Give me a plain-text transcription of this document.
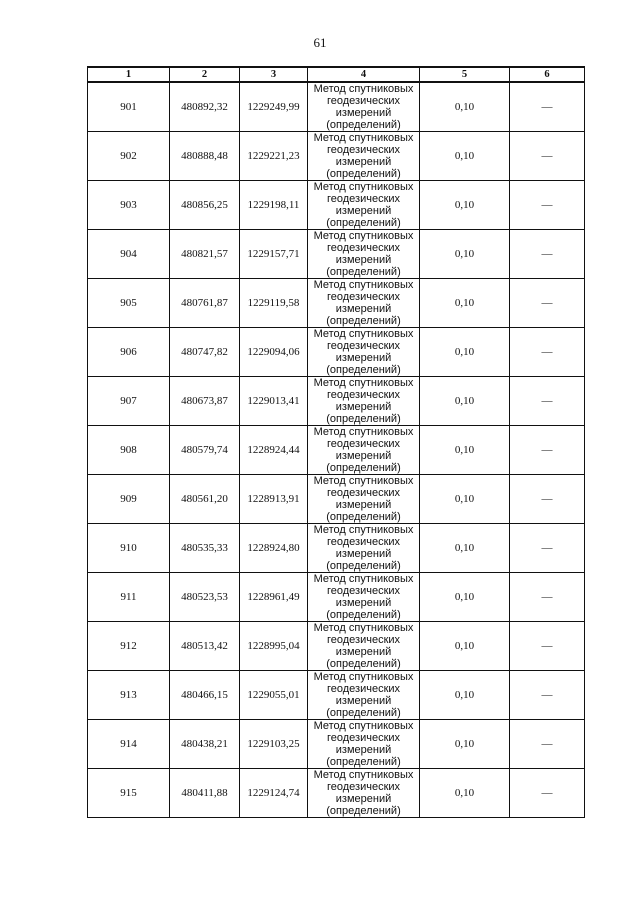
61
1	2	3	4	5	6
901	480892,32	1229249,99	Метод спутниковых
геодезических
измерений
(определений)	0,10	—
902	480888,48	1229221,23	Метод спутниковых
геодезических
измерений
(определений)	0,10	—
903	480856,25	1229198,11	Метод спутниковых
геодезических
измерений
(определений)	0,10	—
904	480821,57	1229157,71	Метод спутниковых
геодезических
измерений
(определений)	0,10	—
905	480761,87	1229119,58	Метод спутниковых
геодезических
измерений
(определений)	0,10	—
906	480747,82	1229094,06	Метод спутниковых
геодезических
измерений
(определений)	0,10	—
907	480673,87	1229013,41	Метод спутниковых
геодезических
измерений
(определений)	0,10	—
908	480579,74	1228924,44	Метод спутниковых
геодезических
измерений
(определений)	0,10	—
909	480561,20	1228913,91	Метод спутниковых
геодезических
измерений
(определений)	0,10	—
910	480535,33	1228924,80	Метод спутниковых
геодезических
измерений
(определений)	0,10	—
911	480523,53	1228961,49	Метод спутниковых
геодезических
измерений
(определений)	0,10	—
912	480513,42	1228995,04	Метод спутниковых
геодезических
измерений
(определений)	0,10	—
913	480466,15	1229055,01	Метод спутниковых
геодезических
измерений
(определений)	0,10	—
914	480438,21	1229103,25	Метод спутниковых
геодезических
измерений
(определений)	0,10	—
915	480411,88	1229124,74	Метод спутниковых
геодезических
измерений
(определений)	0,10	—
